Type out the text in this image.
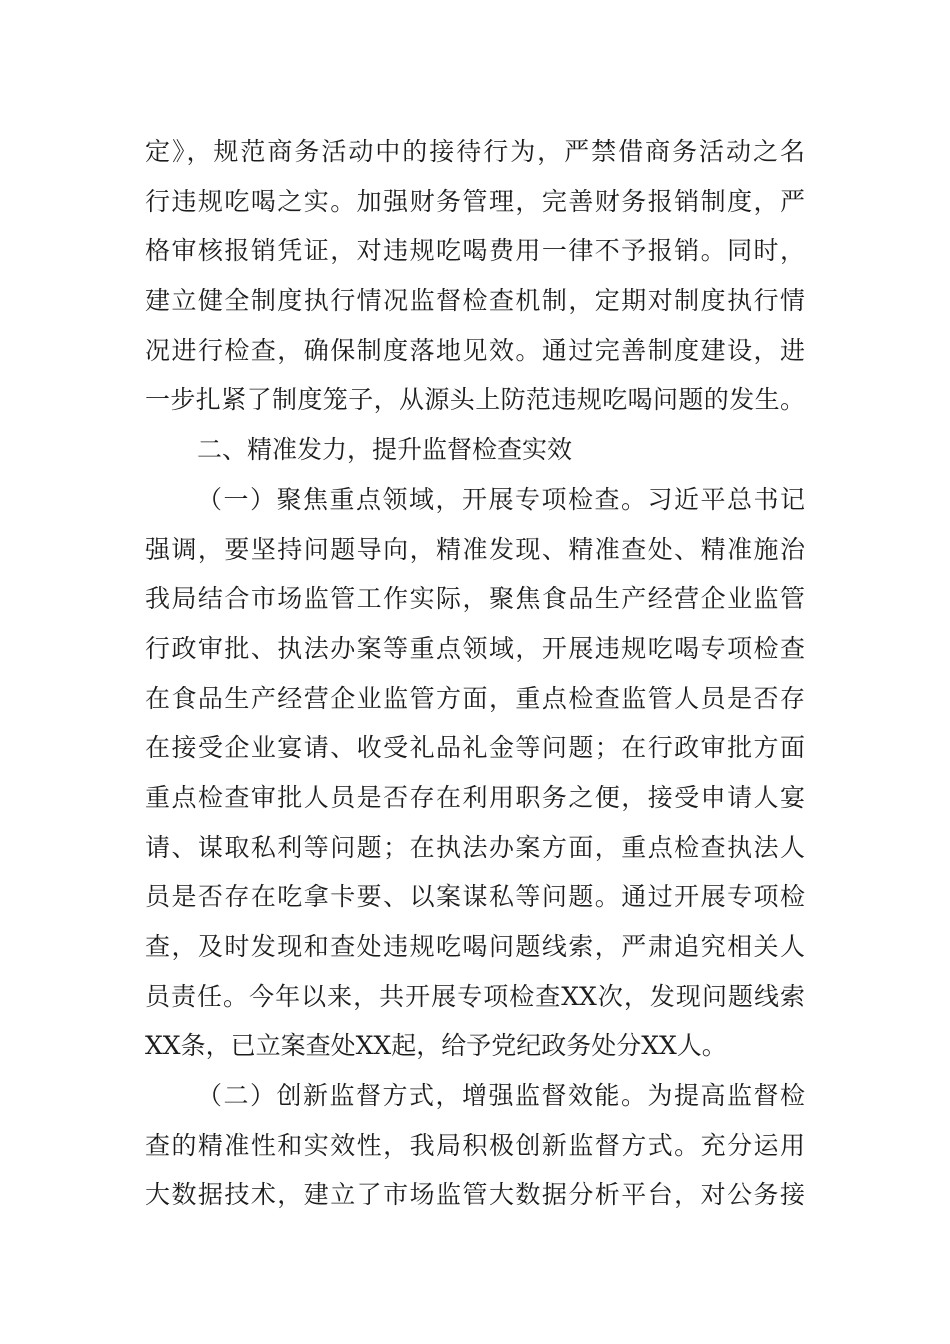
定》，规范商务活动中的接待行为，严禁借商务活动之名
行违规吃喝之实。加强财务管理，完善财务报销制度，严
格审核报销凭证，对违规吃喝费用一律不予报销。同时，
建立健全制度执行情况监督检查机制，定期对制度执行情
况进行检查，确保制度落地见效。通过完善制度建设，进
一步扎紧了制度笼子，从源头上防范违规吃喝问题的发生。
二、精准发力，提升监督检查实效
（一）聚焦重点领域，开展专项检查。习近平总书记
强调，要坚持问题导向，精准发现、精准查处、精准施治
我局结合市场监管工作实际，聚焦食品生产经营企业监管
行政审批、执法办案等重点领域，开展违规吃喝专项检查
在食品生产经营企业监管方面，重点检查监管人员是否存
在接受企业宴请、收受礼品礼金等问题；在行政审批方面
重点检查审批人员是否存在利用职务之便，接受申请人宴
请、谋取私利等问题；在执法办案方面，重点检查执法人
员是否存在吃拿卡要、以案谋私等问题。通过开展专项检
查，及时发现和查处违规吃喝问题线索，严肃追究相关人
员责任。今年以来，共开展专项检查XX次，发现问题线索
XX条，已立案查处XX起，给予党纪政务处分XX人。
（二）创新监督方式，增强监督效能。为提高监督检
查的精准性和实效性，我局积极创新监督方式。充分运用
大数据技术，建立了市场监管大数据分析平台，对公务接
